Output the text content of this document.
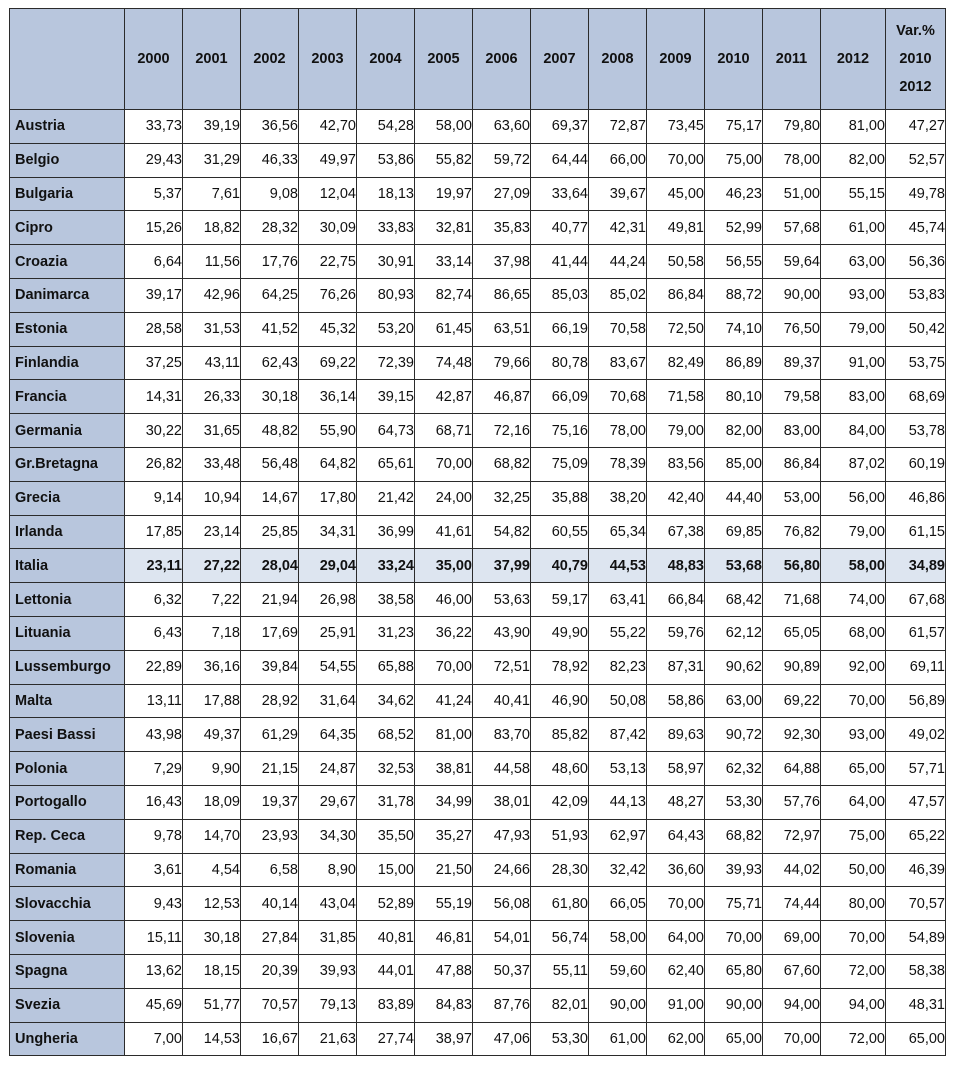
	2000	2001	2002	2003	2004	2005	2006	2007	2008	2009	2010	2011	2012	Var.%
2010
2012
Austria	33,73	39,19	36,56	42,70	54,28	58,00	63,60	69,37	72,87	73,45	75,17	79,80	81,00	47,27
Belgio	29,43	31,29	46,33	49,97	53,86	55,82	59,72	64,44	66,00	70,00	75,00	78,00	82,00	52,57
Bulgaria	5,37	7,61	9,08	12,04	18,13	19,97	27,09	33,64	39,67	45,00	46,23	51,00	55,15	49,78
Cipro	15,26	18,82	28,32	30,09	33,83	32,81	35,83	40,77	42,31	49,81	52,99	57,68	61,00	45,74
Croazia	6,64	11,56	17,76	22,75	30,91	33,14	37,98	41,44	44,24	50,58	56,55	59,64	63,00	56,36
Danimarca	39,17	42,96	64,25	76,26	80,93	82,74	86,65	85,03	85,02	86,84	88,72	90,00	93,00	53,83
Estonia	28,58	31,53	41,52	45,32	53,20	61,45	63,51	66,19	70,58	72,50	74,10	76,50	79,00	50,42
Finlandia	37,25	43,11	62,43	69,22	72,39	74,48	79,66	80,78	83,67	82,49	86,89	89,37	91,00	53,75
Francia	14,31	26,33	30,18	36,14	39,15	42,87	46,87	66,09	70,68	71,58	80,10	79,58	83,00	68,69
Germania	30,22	31,65	48,82	55,90	64,73	68,71	72,16	75,16	78,00	79,00	82,00	83,00	84,00	53,78
Gr.Bretagna	26,82	33,48	56,48	64,82	65,61	70,00	68,82	75,09	78,39	83,56	85,00	86,84	87,02	60,19
Grecia	9,14	10,94	14,67	17,80	21,42	24,00	32,25	35,88	38,20	42,40	44,40	53,00	56,00	46,86
Irlanda	17,85	23,14	25,85	34,31	36,99	41,61	54,82	60,55	65,34	67,38	69,85	76,82	79,00	61,15
Italia	23,11	27,22	28,04	29,04	33,24	35,00	37,99	40,79	44,53	48,83	53,68	56,80	58,00	34,89
Lettonia	6,32	7,22	21,94	26,98	38,58	46,00	53,63	59,17	63,41	66,84	68,42	71,68	74,00	67,68
Lituania	6,43	7,18	17,69	25,91	31,23	36,22	43,90	49,90	55,22	59,76	62,12	65,05	68,00	61,57
Lussemburgo	22,89	36,16	39,84	54,55	65,88	70,00	72,51	78,92	82,23	87,31	90,62	90,89	92,00	69,11
Malta	13,11	17,88	28,92	31,64	34,62	41,24	40,41	46,90	50,08	58,86	63,00	69,22	70,00	56,89
Paesi Bassi	43,98	49,37	61,29	64,35	68,52	81,00	83,70	85,82	87,42	89,63	90,72	92,30	93,00	49,02
Polonia	7,29	9,90	21,15	24,87	32,53	38,81	44,58	48,60	53,13	58,97	62,32	64,88	65,00	57,71
Portogallo	16,43	18,09	19,37	29,67	31,78	34,99	38,01	42,09	44,13	48,27	53,30	57,76	64,00	47,57
Rep. Ceca	9,78	14,70	23,93	34,30	35,50	35,27	47,93	51,93	62,97	64,43	68,82	72,97	75,00	65,22
Romania	3,61	4,54	6,58	8,90	15,00	21,50	24,66	28,30	32,42	36,60	39,93	44,02	50,00	46,39
Slovacchia	9,43	12,53	40,14	43,04	52,89	55,19	56,08	61,80	66,05	70,00	75,71	74,44	80,00	70,57
Slovenia	15,11	30,18	27,84	31,85	40,81	46,81	54,01	56,74	58,00	64,00	70,00	69,00	70,00	54,89
Spagna	13,62	18,15	20,39	39,93	44,01	47,88	50,37	55,11	59,60	62,40	65,80	67,60	72,00	58,38
Svezia	45,69	51,77	70,57	79,13	83,89	84,83	87,76	82,01	90,00	91,00	90,00	94,00	94,00	48,31
Ungheria	7,00	14,53	16,67	21,63	27,74	38,97	47,06	53,30	61,00	62,00	65,00	70,00	72,00	65,00
